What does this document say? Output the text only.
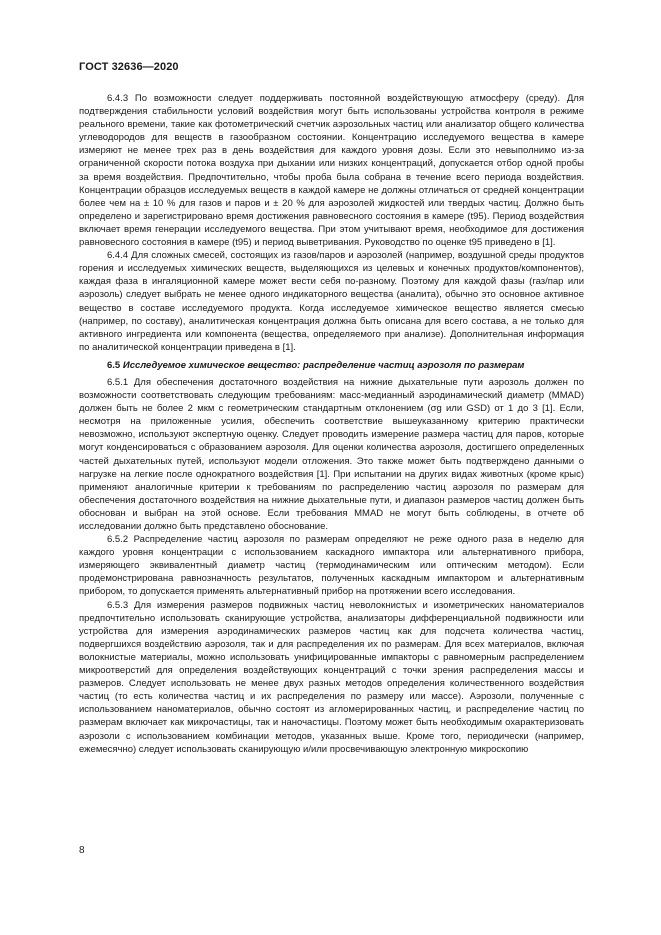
ГОСТ 32636—2020

6.4.3 По возможности следует поддерживать постоянной воздействующую атмосферу (среду). Для подтверждения стабильности условий воздействия могут быть использованы устройства контроля в режиме реального времени, такие как фотометрический счетчик аэрозольных частиц или анализатор общего количества углеводородов для веществ в газообразном состоянии. Концентрацию исследуемого вещества в камере измеряют не менее трех раз в день воздействия для каждого уровня дозы. Если это невыполнимо из-за ограниченной скорости потока воздуха при дыхании или низких концентраций, допускается отбор одной пробы за время воздействия. Предпочтительно, чтобы проба была собрана в течение всего периода воздействия. Концентрации образцов исследуемых веществ в каждой камере не должны отличаться от средней концентрации более чем на ± 10 % для газов и паров и ± 20 % для аэрозолей жидкостей или твердых частиц. Должно быть определено и зарегистрировано время достижения равновесного состояния в камере (t95). Период воздействия включает время генерации исследуемого вещества. При этом учитывают время, необходимое для достижения равновесного состояния в камере (t95) и период выветривания. Руководство по оценке t95 приведено в [1].

6.4.4 Для сложных смесей, состоящих из газов/паров и аэрозолей (например, воздушной среды продуктов горения и исследуемых химических веществ, выделяющихся из целевых и конечных продуктов/компонентов), каждая фаза в ингаляционной камере может вести себя по-разному. Поэтому для каждой фазы (газ/пар или аэрозоль) следует выбрать не менее одного индикаторного вещества (аналита), обычно это основное активное вещество в составе исследуемого продукта. Когда исследуемое химическое вещество является смесью (например, по составу), аналитическая концентрация должна быть описана для всего состава, а не только для активного ингредиента или компонента (вещества, определяемого при анализе). Дополнительная информация по аналитической концентрации приведена в [1].

6.5 Исследуемое химическое вещество: распределение частиц аэрозоля по размерам

6.5.1 Для обеспечения достаточного воздействия на нижние дыхательные пути аэрозоль должен по возможности соответствовать следующим требованиям: масс-медианный аэродинамический диаметр (MMAD) должен быть не более 2 мкм с геометрическим стандартным отклонением (σg или GSD) от 1 до 3 [1]. Если, несмотря на приложенные усилия, обеспечить соответствие вышеуказанному критерию практически невозможно, используют экспертную оценку. Следует проводить измерение размера частиц для паров, которые могут конденсироваться с образованием аэрозоля. Для оценки количества аэрозоля, достигшего определенных частей дыхательных путей, используют модели отложения. Это также может быть подтверждено данными о нагрузке на легкие после однократного воздействия [1]. При испытании на других видах животных (кроме крыс) применяют аналогичные критерии к требованиям по распределению частиц аэрозоля по размерам для обеспечения достаточного воздействия на нижние дыхательные пути, и диапазон размеров частиц должен быть обоснован и выбран на этой основе. Если требования MMAD не могут быть соблюдены, в отчете об исследовании должно быть представлено обоснование.

6.5.2 Распределение частиц аэрозоля по размерам определяют не реже одного раза в неделю для каждого уровня концентрации с использованием каскадного импактора или альтернативного прибора, измеряющего эквивалентный диаметр частиц (термодинамическим или оптическим методом). Если продемонстрирована равнозначность результатов, полученных каскадным импактором и альтернативным прибором, то допускается применять альтернативный прибор на протяжении всего исследования.

6.5.3 Для измерения размеров подвижных частиц неволокнистых и изометрических наноматериалов предпочтительно использовать сканирующие устройства, анализаторы дифференциальной подвижности или устройства для измерения аэродинамических размеров частиц как для подсчета количества частиц, подвергшихся воздействию аэрозоля, так и для распределения их по размерам. Для всех материалов, включая волокнистые материалы, можно использовать унифицированные импакторы с равномерным распределением микроотверстий для определения воздействующих концентраций с точки зрения распределения массы и размеров. Следует использовать не менее двух разных методов определения количественного воздействия частиц (то есть количества частиц и их распределения по размеру или массе). Аэрозоли, полученные с использованием наноматериалов, обычно состоят из агломерированных частиц, и распределение частиц по размерам включает как микрочастицы, так и наночастицы. Поэтому может быть необходимым охарактеризовать аэрозоли с использованием комбинации методов, указанных выше. Кроме того, периодически (например, ежемесячно) следует использовать сканирующую и/или просвечивающую электронную микроскопию

8
